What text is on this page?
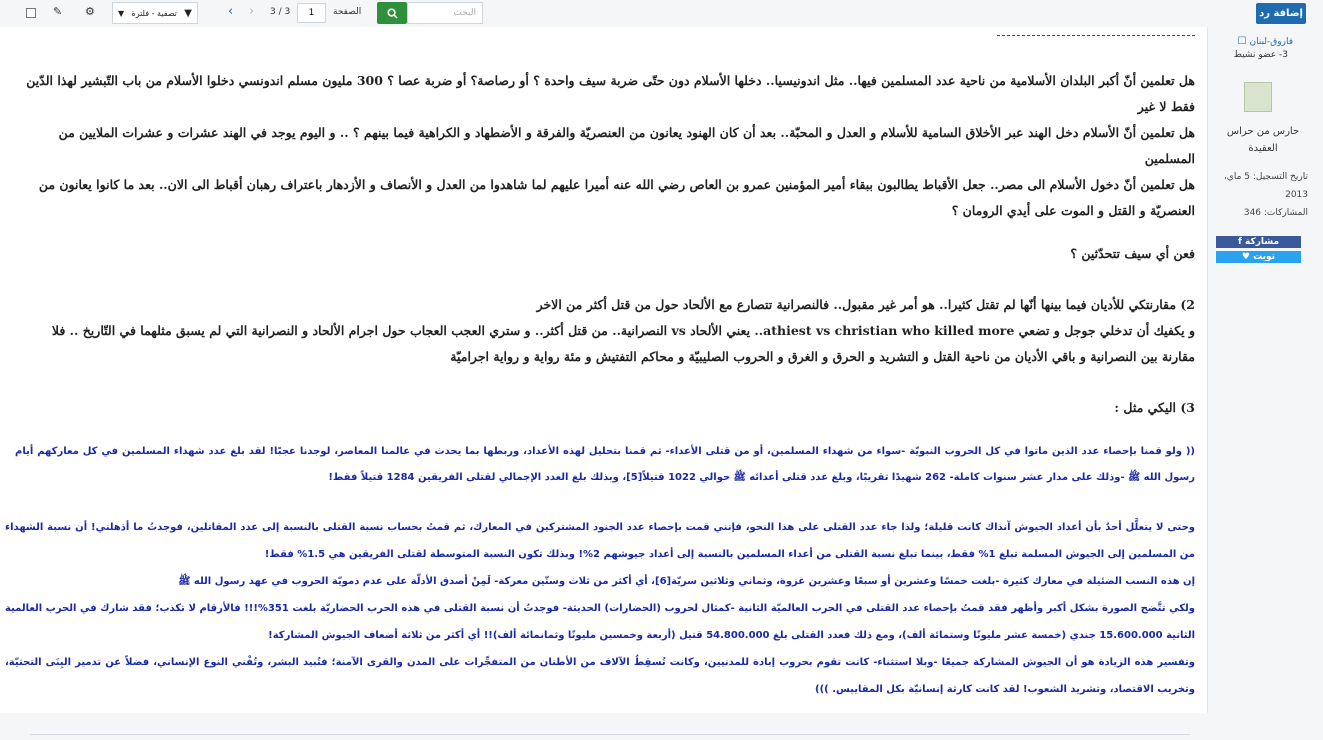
إضافة رد
البحث
الصفحة
1
3 / 3
›
‹
▼ تصفية - فلترة ▼
⚙
✎
هل تعلمين أنّ أكبر البلدان الأسلامية من ناحية عدد المسلمين فيها.. مثل اندونيسيا.. دخلها الأسلام دون حتّى ضربة سيف واحدة ؟ أو رصاصة؟ أو ضربة عصا ؟ 300 مليون مسلم اندونسي دخلوا الأسلام من باب التّبشير لهذا الدّين فقط لا غير
هل تعلمين أنّ الأسلام دخل الهند عبر الأخلاق السامية للأسلام و العدل و المحبّة.. بعد أن كان الهنود يعانون من العنصريّة والفرقة و الأضطهاد و الكراهية فيما بينهم ؟ .. و اليوم يوجد في الهند عشرات و عشرات الملايين من المسلمين
هل تعلمين أنّ دخول الأسلام الى مصر.. جعل الأقباط يطالبون ببقاء أمير المؤمنين عمرو بن العاص رضي الله عنه أميرا عليهم لما شاهدوا من العدل و الأنصاف و الأزدهار باعتراف رهبان أقباط الى الان.. بعد ما كانوا يعانون من العنصريّة و القتل و الموت على أيدي الرومان ؟
فعن أي سيف تتحدّثين ؟
2) مقارنتكي للأديان فيما بينها أنّها لم تقتل كثيرا.. هو أمر غير مقبول.. فالنصرانية تتصارع مع الألحاد حول من قتل أكثر من الاخر
و يكفيك أن تدخلي جوجل و تضعي athiest vs christian who killed more.. يعني الألحاد vs النصرانية.. من قتل أكثر.. و ستري العجب العجاب حول اجرام الألحاد و النصرانية التي لم يسبق مثلهما في التّاريخ .. فلا مقارنة بين النصرانية و باقي الأديان من ناحية القتل و التشريد و الحرق و الغرق و الحروب الصليبيّة و محاكم التفتيش و مئة رواية و رواية اجراميّة
3) اليكي مثل :
(( ولو قمنا بإحصاء عدد الذين ماتوا في كل الحروب النبويّة -سواء من شهداء المسلمين، أو من قتلى الأعداء- ثم قمنا بتحليل لهذه الأعداد، وربطها بما يحدث في عالمنا المعاصر، لوجدنا عجبًا! لقد بلغ عدد شهداء المسلمين في كل معاركهم أيام رسول الله ﷺ -وذلك على مدار عشر سنوات كاملة- 262 شهيدًا تقريبًا، وبلغ عدد قتلى أعدائه ﷺ حوالي 1022 قتيلاً[5]، وبذلك بلغ العدد الإجمالي لقتلى الفريقين 1284 قتيلاً فقط!
وحتى لا يتعلَّل أحدٌ بأن أعداد الجيوش آنذاك كانت قليلة؛ ولذا جاء عدد القتلى على هذا النحو، فإنني قمت بإحصاء عدد الجنود المشتركين في المعارك، ثم قمتُ بحساب نسبة القتلى بالنسبة إلى عدد المقاتلين، فوجدتُ ما أذهلني! أن نسبة الشهداء من المسلمين إلى الجيوش المسلمة تبلغ 1% فقط، بينما تبلغ نسبة القتلى من أعداء المسلمين بالنسبة إلى أعداد جيوشهم 2%! وبذلك تكون النسبة المتوسطة لقتلى الفريقين هي 1.5% فقط!
إن هذه النسب الضئيلة في معارك كثيرة -بلغت خمسًا وعشرين أو سبعًا وعشرين غزوة، وثماني وثلاثين سريّة[6]، أي أكثر من ثلاث وستّين معركة- لَمِنْ أصدق الأدلّة على عدم دمويّة الحروب في عهد رسول الله ﷺ
ولكي تتَّضح الصورة بشكل أكبر وأظهر فقد قمتُ بإحصاء عدد القتلى في الحرب العالميّة الثانية -كمثال لحروب (الحضارات) الحديثة- فوجدتُ أن نسبة القتلى في هذه الحرب الحضاريّة بلغت 351%!!! فالأرقام لا تكذب؛ فقد شارك في الحرب العالمية الثانية 15.600.000 جندي (خمسة عشر مليونًا وستمائة ألف)، ومع ذلك فعدد القتلى بلغ 54.800.000 قتيل (أربعة وخمسين مليونًا وثمانمائة ألف)!! أي أكثر من ثلاثة أضعاف الجيوش المشاركة!
وتفسير هذه الزيادة هو أن الجيوش المشاركة جميعًا -وبلا استثناء- كانت تقوم بحروب إبادة للمدنيين، وكانت تُسقِطُ الآلاف من الأطنان من المتفجِّرات على المدن والقرى الآمنة؛ فتُبيد البشر، وتُفْني النوع الإنساني، فضلاً عن تدمير البِنَى التحتيّة، وتخريب الاقتصاد، وتشريد الشعوب! لقد كانت كارثة إنسانيّة بكل المقاييس. )))
فاروق-لبنان
☐
3- عضو نشيط
حارس من حراس
العقيدة
تاريخ التسجيل: 5 ماي، 2013
المشاركات: 346
f مشاركة
♥ تويت
